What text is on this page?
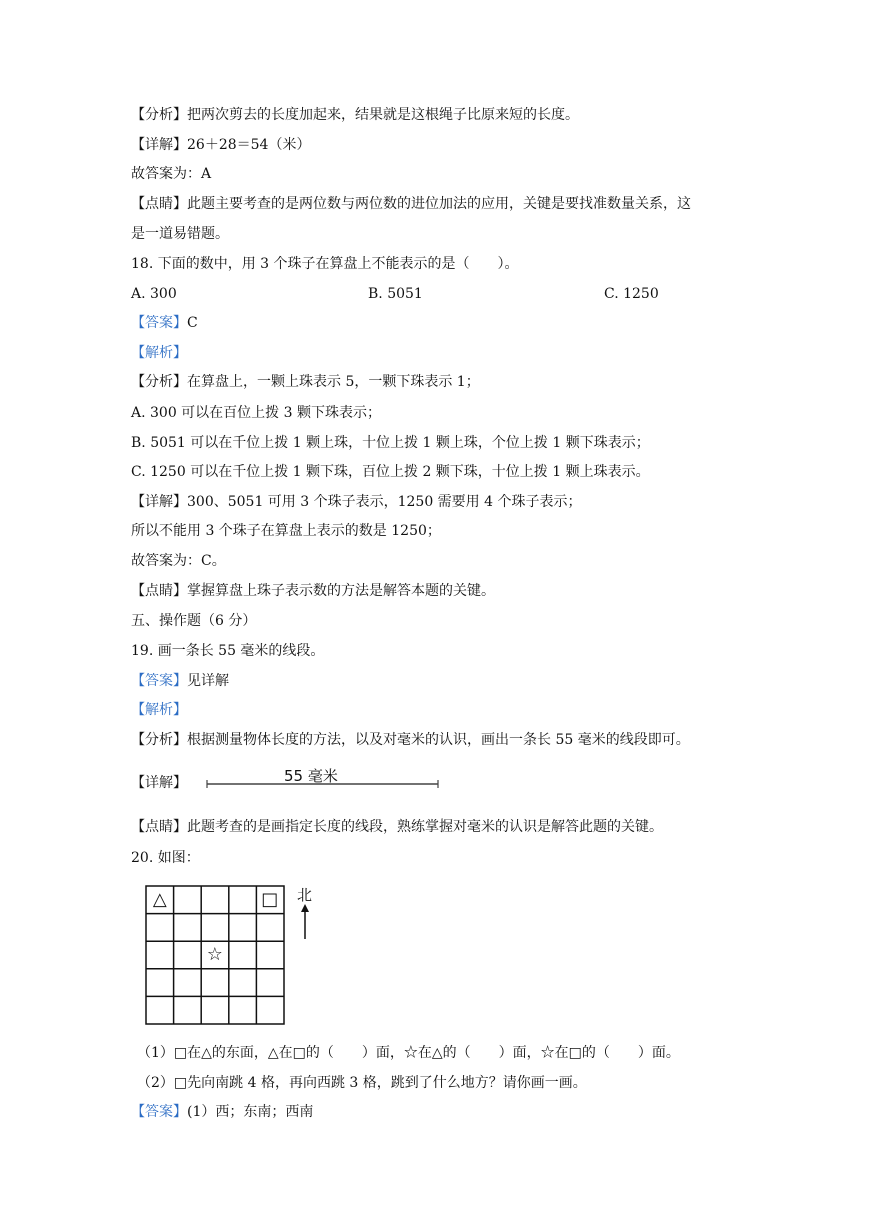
【分析】把两次剪去的长度加起来，结果就是这根绳子比原来短的长度。
【详解】26＋28＝54（米）
故答案为：A
【点睛】此题主要考查的是两位数与两位数的进位加法的应用，关键是要找准数量关系，这
是一道易错题。
18. 下面的数中，用 3 个珠子在算盘上不能表示的是（　　）。
A. 300	B. 5051	C. 1250
【答案】C
【解析】
【分析】在算盘上，一颗上珠表示 5，一颗下珠表示 1；
A. 300 可以在百位上拨 3 颗下珠表示；
B. 5051 可以在千位上拨 1 颗上珠，十位上拨 1 颗上珠，个位上拨 1 颗下珠表示；
C. 1250 可以在千位上拨 1 颗下珠，百位上拨 2 颗下珠，十位上拨 1 颗上珠表示。
【详解】300、5051 可用 3 个珠子表示，1250 需要用 4 个珠子表示；
所以不能用 3 个珠子在算盘上表示的数是 1250；
故答案为：C。
【点睛】掌握算盘上珠子表示数的方法是解答本题的关键。
五、操作题（6 分）
19. 画一条长 55 毫米的线段。
【答案】见详解
【解析】
【分析】根据测量物体长度的方法，以及对毫米的认识，画出一条长 55 毫米的线段即可。
【详解】	55 毫米
【点睛】此题考查的是画指定长度的线段，熟练掌握对毫米的认识是解答此题的关键。
20. 如图：
△	□
☆
北
（1）□在△的东面，△在□的（　　）面，☆在△的（　　）面，☆在□的（　　）面。
（2）□先向南跳 4 格，再向西跳 3 格，跳到了什么地方？请你画一画。
【答案】(1）西；东南；西南
